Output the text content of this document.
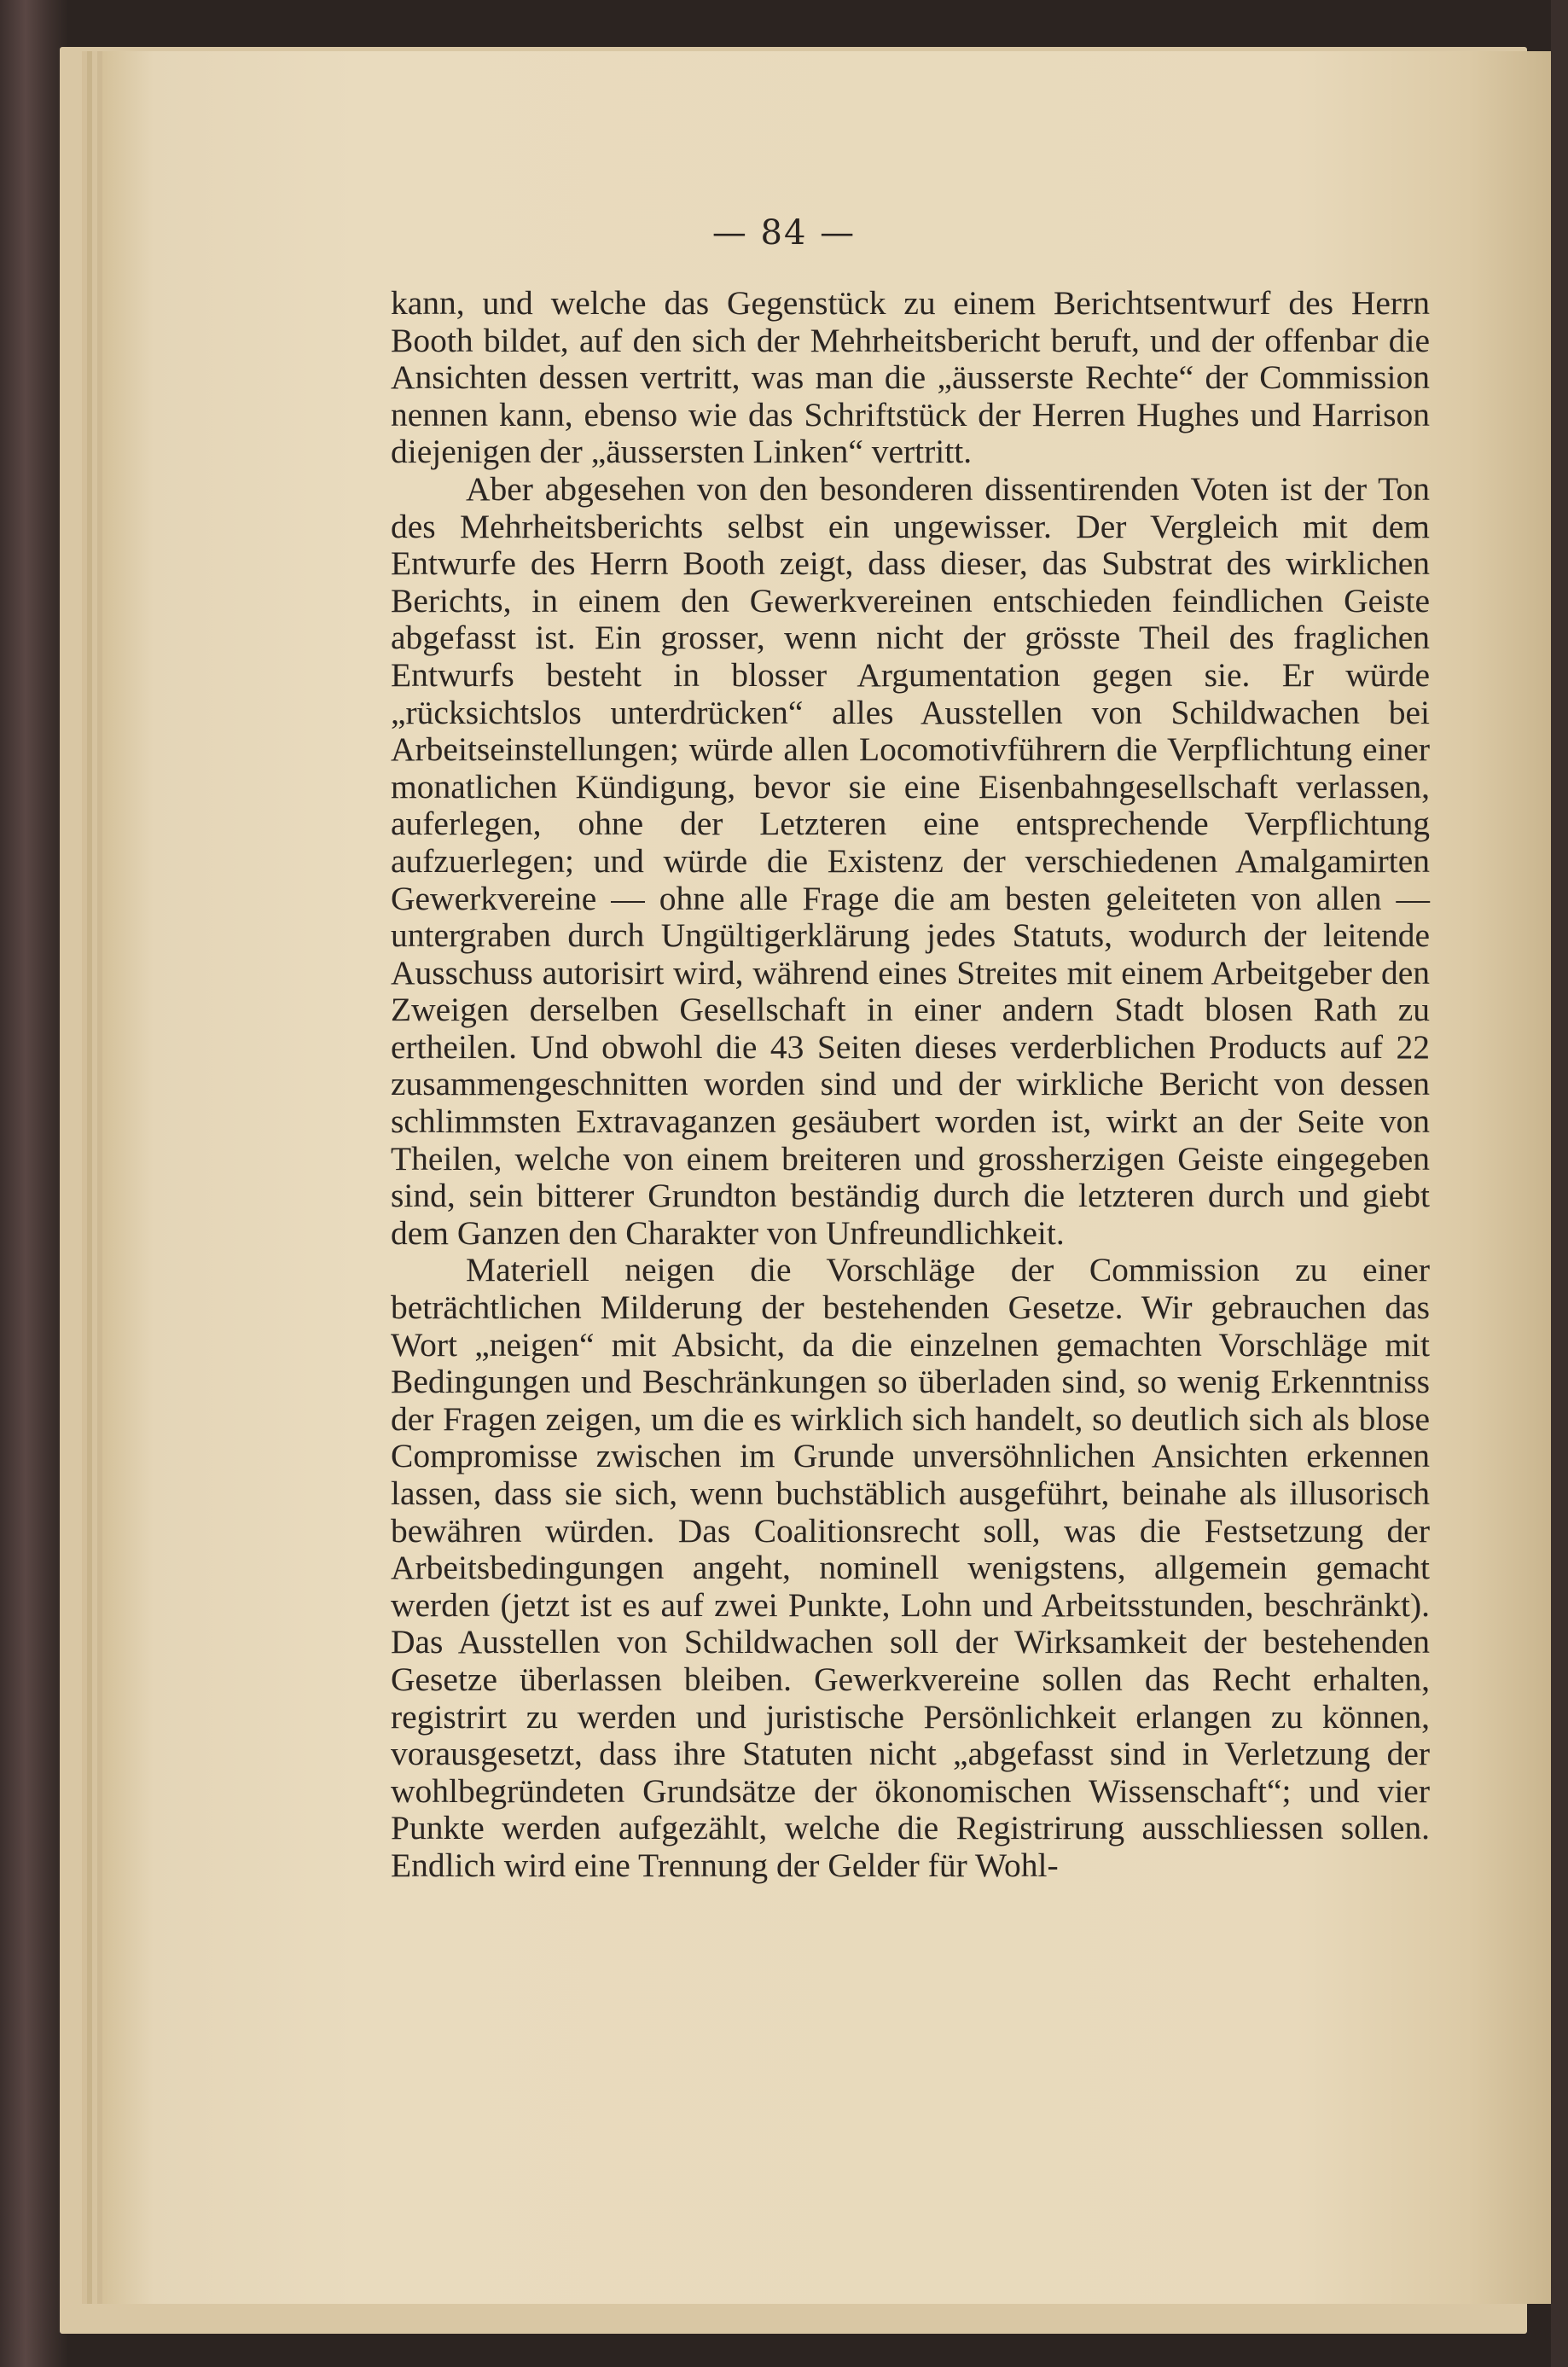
— 84 —

kann, und welche das Gegenstück zu einem Berichtsentwurf des Herrn Booth bildet, auf den sich der Mehrheitsbericht beruft, und der offenbar die Ansichten dessen vertritt, was man die „äusserste Rechte“ der Commission nennen kann, ebenso wie das Schriftstück der Herren Hughes und Harrison diejenigen der „äussersten Linken“ vertritt.

Aber abgesehen von den besonderen dissentirenden Voten ist der Ton des Mehrheitsberichts selbst ein ungewisser. Der Vergleich mit dem Entwurfe des Herrn Booth zeigt, dass dieser, das Substrat des wirklichen Berichts, in einem den Gewerkvereinen entschieden feindlichen Geiste abgefasst ist. Ein grosser, wenn nicht der grösste Theil des fraglichen Entwurfs besteht in blosser Argumentation gegen sie. Er würde „rücksichtslos unterdrücken“ alles Ausstellen von Schildwachen bei Arbeitseinstellungen; würde allen Locomotivführern die Verpflichtung einer monatlichen Kündigung, bevor sie eine Eisenbahngesellschaft verlassen, auferlegen, ohne der Letzteren eine entsprechende Verpflichtung aufzuerlegen; und würde die Existenz der verschiedenen Amalgamirten Gewerkvereine — ohne alle Frage die am besten geleiteten von allen — untergraben durch Ungültigerklärung jedes Statuts, wodurch der leitende Ausschuss autorisirt wird, während eines Streites mit einem Arbeitgeber den Zweigen derselben Gesellschaft in einer andern Stadt blosen Rath zu ertheilen. Und obwohl die 43 Seiten dieses verderblichen Products auf 22 zusammengeschnitten worden sind und der wirkliche Bericht von dessen schlimmsten Extravaganzen gesäubert worden ist, wirkt an der Seite von Theilen, welche von einem breiteren und grossherzigen Geiste eingegeben sind, sein bitterer Grundton beständig durch die letzteren durch und giebt dem Ganzen den Charakter von Unfreundlichkeit.

Materiell neigen die Vorschläge der Commission zu einer beträchtlichen Milderung der bestehenden Gesetze. Wir gebrauchen das Wort „neigen“ mit Absicht, da die einzelnen gemachten Vorschläge mit Bedingungen und Beschränkungen so überladen sind, so wenig Erkenntniss der Fragen zeigen, um die es wirklich sich handelt, so deutlich sich als blose Compromisse zwischen im Grunde unversöhnlichen Ansichten erkennen lassen, dass sie sich, wenn buchstäblich ausgeführt, beinahe als illusorisch bewähren würden. Das Coalitionsrecht soll, was die Festsetzung der Arbeitsbedingungen angeht, nominell wenigstens, allgemein gemacht werden (jetzt ist es auf zwei Punkte, Lohn und Arbeitsstunden, beschränkt). Das Ausstellen von Schildwachen soll der Wirksamkeit der bestehenden Gesetze überlassen bleiben. Gewerkvereine sollen das Recht erhalten, registrirt zu werden und juristische Persönlichkeit erlangen zu können, vorausgesetzt, dass ihre Statuten nicht „abgefasst sind in Verletzung der wohlbegründeten Grundsätze der ökonomischen Wissenschaft“; und vier Punkte werden aufgezählt, welche die Registrirung ausschliessen sollen. Endlich wird eine Trennung der Gelder für Wohl-
